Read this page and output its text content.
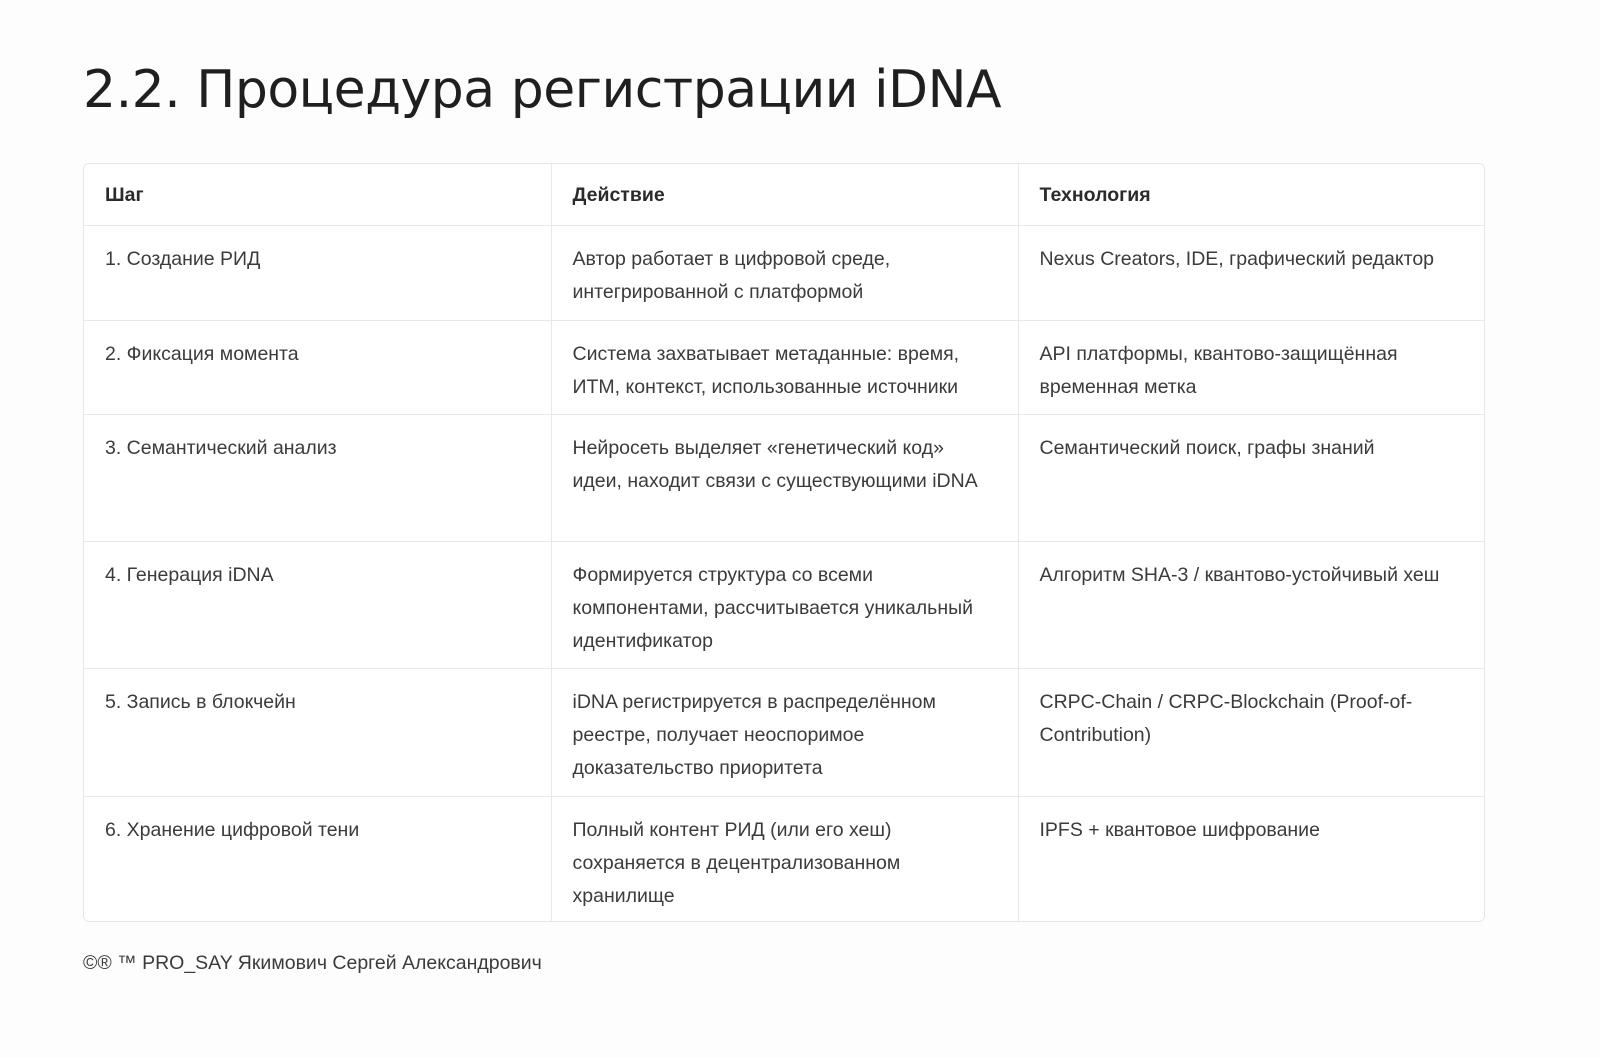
2.2. Процедура регистрации iDNA
Шаг	Действие	Технология
1. Создание РИД	Автор работает в цифровой среде, интегрированной с платформой	Nexus Creators, IDE, графический редактор
2. Фиксация момента	Система захватывает метаданные: время, ИТМ, контекст, использованные источники	API платформы, квантово-защищённая временная метка
3. Семантический анализ	Нейросеть выделяет «генетический код» идеи, находит связи с существующими iDNA	Семантический поиск, графы знаний
4. Генерация iDNA	Формируется структура со всеми компонентами, рассчитывается уникальный идентификатор	Алгоритм SHA-3 / квантово-устойчивый хеш
5. Запись в блокчейн	iDNA регистрируется в распределённом реестре, получает неоспоримое доказательство приоритета	CRPC-Chain / CRPC-Blockchain (Proof-of-Contribution)
6. Хранение цифровой тени	Полный контент РИД (или его хеш) сохраняется в децентрализованном хранилище	IPFS + квантовое шифрование
©® ™ PRO_SAY Якимович Сергей Александрович
